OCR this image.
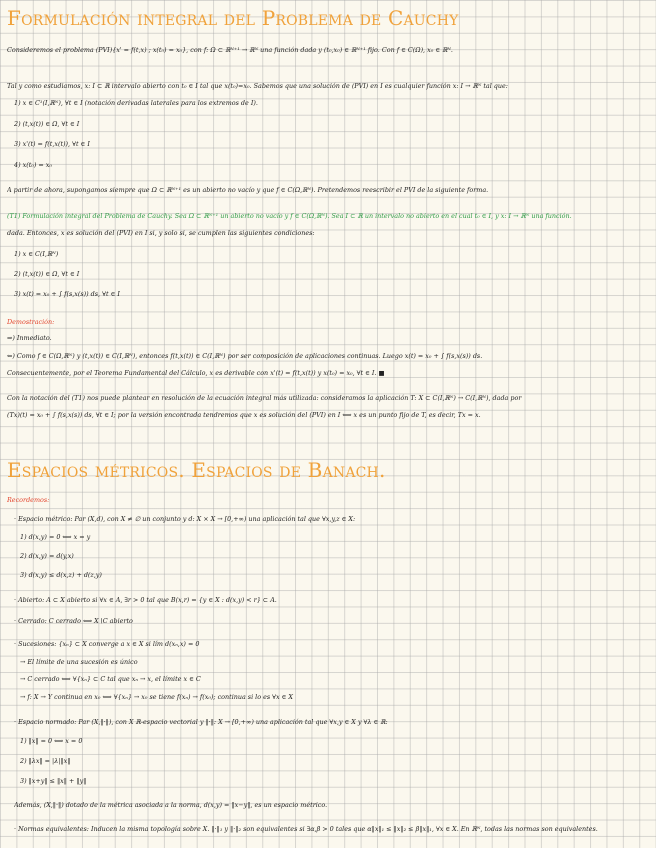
Formulación integral del Problema de Cauchy
Consideremos el problema (PVI){x' = f(t,x) ; x(t₀) = x₀}, con f: Ω ⊂ ℝᴺ⁺¹ → ℝᴺ una función dada y (t₀,x₀) ∈ ℝᴺ⁺¹ fijo. Con f ∈ C(Ω), x₀ ∈ ℝᴺ.
Tal y como estudiamos, x: I ⊂ ℝ intervalo abierto con t₀ ∈ I tal que x(t₀)=x₀. Sabemos que una solución de (PVI) en I es cualquier función x: I → ℝᴺ tal que:
1) x ∈ C¹(I,ℝᴺ), ∀t ∈ I (notación derivadas laterales para los extremos de I).
2) (t,x(t)) ∈ Ω, ∀t ∈ I
3) x'(t) = f(t,x(t)), ∀t ∈ I
4) x(t₀) = x₀
A partir de ahora, supongamos siempre que Ω ⊂ ℝᴺ⁺¹ es un abierto no vacío y que f ∈ C(Ω,ℝᴺ). Pretendemos reescribir el PVI de la siguiente forma.
(T1) Formulación integral del Problema de Cauchy. Sea Ω ⊂ ℝᴺ⁺¹ un abierto no vacío y f ∈ C(Ω,ℝᴺ). Sea I ⊂ ℝ un intervalo no abierto en el cual t₀ ∈ I, y x: I → ℝᴺ una función.
dada. Entonces, x es solución del (PVI) en I si, y solo si, se cumplen las siguientes condiciones:
1) x ∈ C(I,ℝᴺ)
2) (t,x(t)) ∈ Ω, ∀t ∈ I
3) x(t) = x₀ + ∫ f(s,x(s)) ds, ∀t ∈ I
Demostración:
⇒) Inmediato.
⇐) Como f ∈ C(Ω,ℝᴺ) y (t,x(t)) ∈ C(I,ℝᴺ), entonces f(t,x(t)) ∈ C(I,ℝᴺ) por ser composición de aplicaciones continuas. Luego x(t) = x₀ + ∫ f(s,x(s)) ds.
Consecuentemente, por el Teorema Fundamental del Cálculo, x es derivable con x'(t) = f(t,x(t)) y x(t₀) = x₀, ∀t ∈ I. ■
Con la notación del (T1) nos puede plantear en resolución de la ecuación integral más utilizada: consideramos la aplicación T: X ⊂ C(I,ℝᴺ) → C(I,ℝᴺ), dada por
(Tx)(t) = x₀ + ∫ f(s,x(s)) ds, ∀t ∈ I; por la versión encontrada tendremos que x es solución del (PVI) en I ⟺ x es un punto fijo de T, es decir, Tx = x.
Espacios métricos. Espacios de Banach.
Recordemos:
· Espacio métrico: Par (X,d), con X ≠ ∅ un conjunto y d: X × X → [0,+∞) una aplicación tal que ∀x,y,z ∈ X:
1) d(x,y) = 0 ⟺ x = y
2) d(x,y) = d(y,x)
3) d(x,y) ≤ d(x,z) + d(z,y)
· Abierto: A ⊂ X abierto si ∀x ∈ A, ∃r > 0 tal que B(x,r) = {y ∈ X : d(x,y) < r} ⊂ A.
· Cerrado: C cerrado ⟺ X∖C abierto
· Sucesiones: {xₙ} ⊂ X converge a x ∈ X si lím d(xₙ,x) = 0
→ El límite de una sucesión es único
→ C cerrado ⟺ ∀{xₙ} ⊂ C tal que xₙ → x, el límite x ∈ C
→ f: X → Y continua en x₀ ⟺ ∀{xₙ} → x₀ se tiene f(xₙ) → f(x₀); continua si lo es ∀x ∈ X
· Espacio normado: Par (X,‖·‖), con X ℝ-espacio vectorial y ‖·‖: X → [0,+∞) una aplicación tal que ∀x,y ∈ X y ∀λ ∈ ℝ:
1) ‖x‖ = 0 ⟺ x = 0
2) ‖λx‖ = |λ|‖x‖
3) ‖x+y‖ ≤ ‖x‖ + ‖y‖
Además, (X,‖·‖) dotado de la métrica asociada a la norma, d(x,y) = ‖x−y‖, es un espacio métrico.
· Normas equivalentes: Inducen la misma topología sobre X. ‖·‖₁ y ‖·‖₂ son equivalentes si ∃α,β > 0 tales que α‖x‖₁ ≤ ‖x‖₂ ≤ β‖x‖₁, ∀x ∈ X. En ℝᴺ, todas las normas son equivalentes.
